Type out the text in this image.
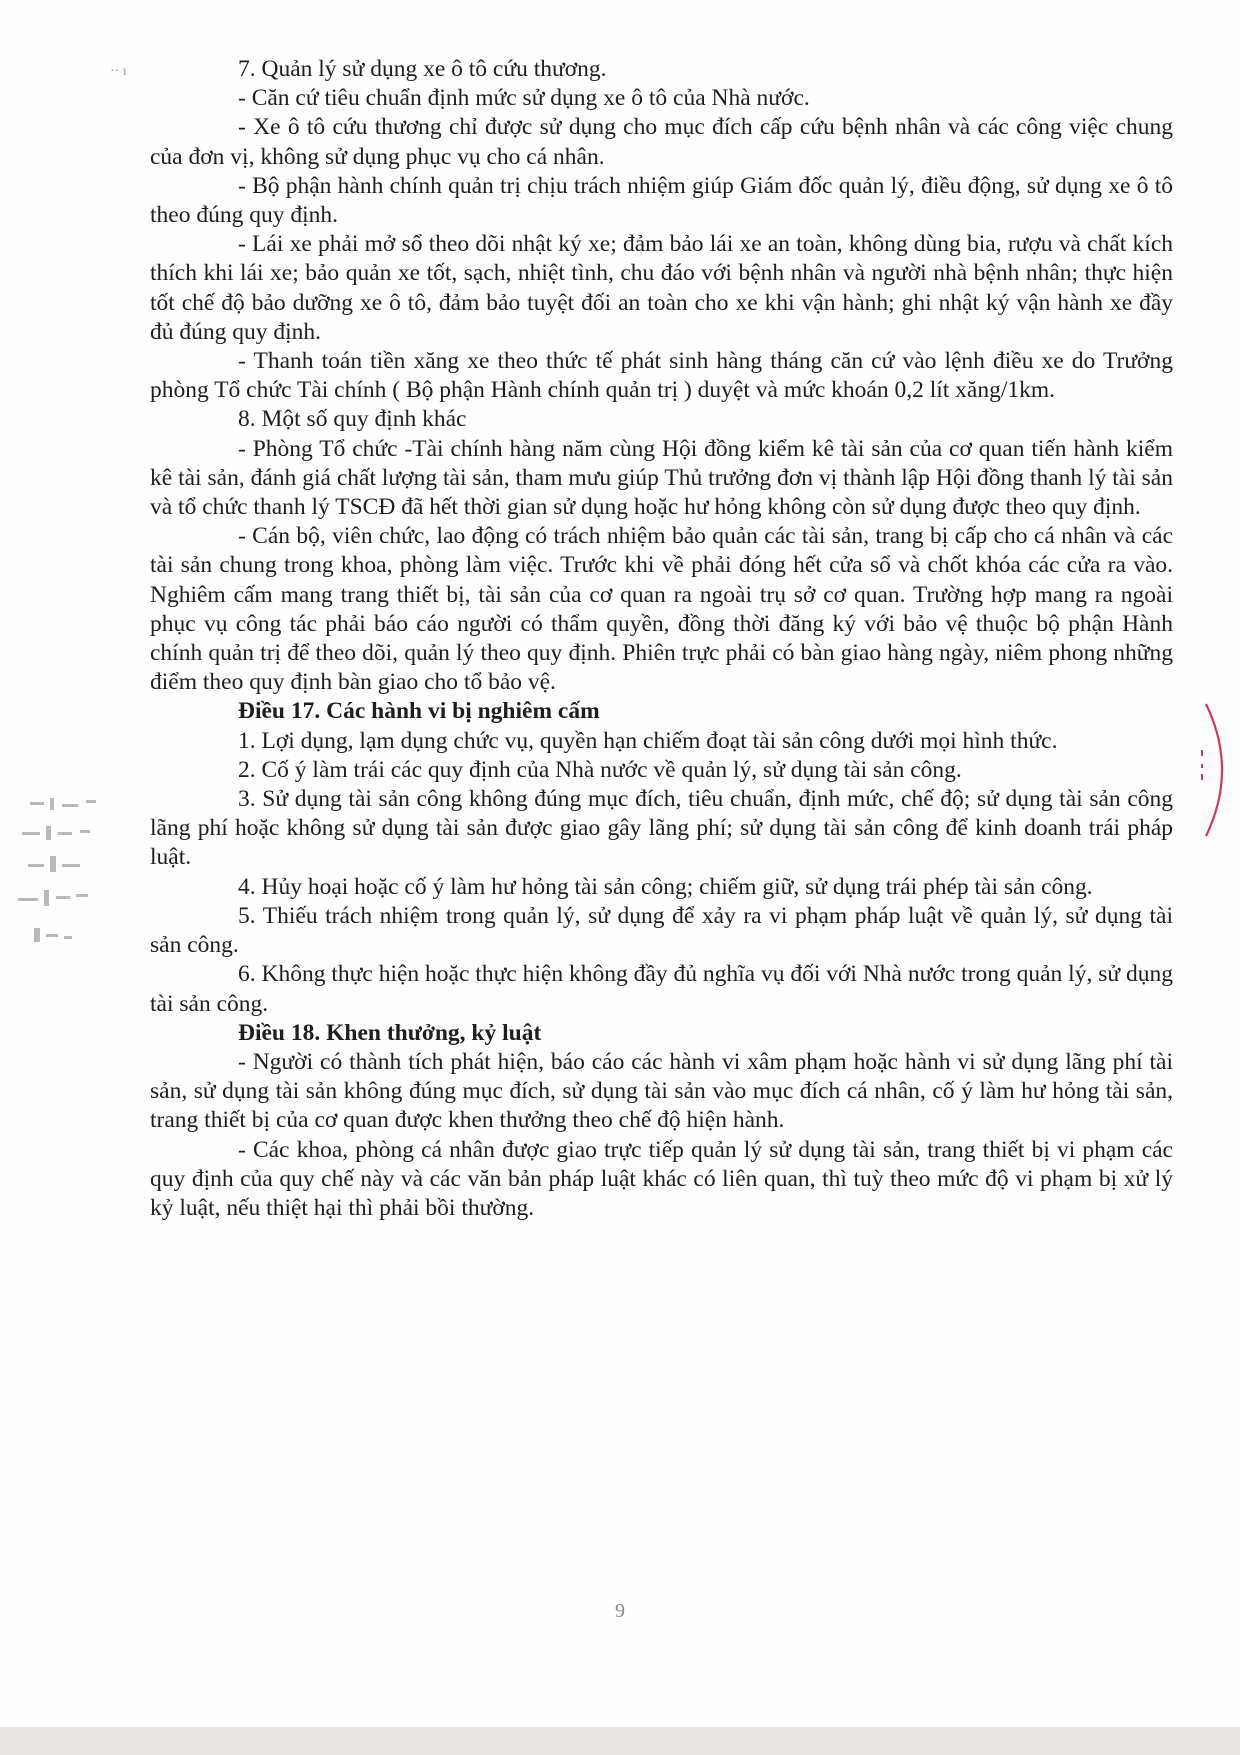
·· ı	7. Quản lý sử dụng xe ô tô cứu thương.

- Căn cứ tiêu chuẩn định mức sử dụng xe ô tô của Nhà nước.

- Xe ô tô cứu thương chỉ được sử dụng cho mục đích cấp cứu bệnh nhân và các công việc chung của đơn vị, không sử dụng phục vụ cho cá nhân.

- Bộ phận hành chính quản trị chịu trách nhiệm giúp Giám đốc quản lý, điều động, sử dụng xe ô tô theo đúng quy định.

- Lái xe phải mở sổ theo dõi nhật ký xe; đảm bảo lái xe an toàn, không dùng bia, rượu và chất kích thích khi lái xe; bảo quản xe tốt, sạch, nhiệt tình, chu đáo với bệnh nhân và người nhà bệnh nhân; thực hiện tốt chế độ bảo dưỡng xe ô tô, đảm bảo tuyệt đối an toàn cho xe khi vận hành; ghi nhật ký vận hành xe đầy đủ đúng quy định.

- Thanh toán tiền xăng xe theo thức tế phát sinh hàng tháng căn cứ vào lệnh điều xe do Trưởng phòng Tổ chức Tài chính ( Bộ phận Hành chính quản trị ) duyệt và mức khoán 0,2 lít xăng/1km.

8. Một số quy định khác

- Phòng Tổ chức -Tài chính hàng năm cùng Hội đồng kiểm kê tài sản của cơ quan tiến hành kiểm kê tài sản, đánh giá chất lượng tài sản, tham mưu giúp Thủ trưởng đơn vị thành lập Hội đồng thanh lý tài sản và tổ chức thanh lý TSCĐ đã hết thời gian sử dụng hoặc hư hỏng không còn sử dụng được theo quy định.

- Cán bộ, viên chức, lao động có trách nhiệm bảo quản các tài sản, trang bị cấp cho cá nhân và các tài sản chung trong khoa, phòng làm việc. Trước khi về phải đóng hết cửa sổ và chốt khóa các cửa ra vào. Nghiêm cấm mang trang thiết bị, tài sản của cơ quan ra ngoài trụ sở cơ quan. Trường hợp mang ra ngoài phục vụ công tác phải báo cáo người có thẩm quyền, đồng thời đăng ký với bảo vệ thuộc bộ phận Hành chính quản trị để theo dõi, quản lý theo quy định. Phiên trực phải có bàn giao hàng ngày, niêm phong những điểm theo quy định bàn giao cho tổ bảo vệ.

Điều 17. Các hành vi bị nghiêm cấm

1. Lợi dụng, lạm dụng chức vụ, quyền hạn chiếm đoạt tài sản công dưới mọi hình thức.

2. Cố ý làm trái các quy định của Nhà nước về quản lý, sử dụng tài sản công.

3. Sử dụng tài sản công không đúng mục đích, tiêu chuẩn, định mức, chế độ; sử dụng tài sản công lãng phí hoặc không sử dụng tài sản được giao gây lãng phí; sử dụng tài sản công để kinh doanh trái pháp luật.

4. Hủy hoại hoặc cố ý làm hư hỏng tài sản công; chiếm giữ, sử dụng trái phép tài sản công.

5. Thiếu trách nhiệm trong quản lý, sử dụng để xảy ra vi phạm pháp luật về quản lý, sử dụng tài sản công.

6. Không thực hiện hoặc thực hiện không đầy đủ nghĩa vụ đối với Nhà nước trong quản lý, sử dụng tài sản công.

Điều 18. Khen thưởng, kỷ luật

- Người có thành tích phát hiện, báo cáo các hành vi xâm phạm hoặc hành vi sử dụng lãng phí tài sản, sử dụng tài sản không đúng mục đích, sử dụng tài sản vào mục đích cá nhân, cố ý làm hư hỏng tài sản, trang thiết bị của cơ quan được khen thưởng theo chế độ hiện hành.

- Các khoa, phòng cá nhân được giao trực tiếp quản lý sử dụng tài sản, trang thiết bị vi phạm các quy định của quy chế này và các văn bản pháp luật khác có liên quan, thì tuỳ theo mức độ vi phạm bị xử lý kỷ luật, nếu thiệt hại thì phải bồi thường.

9
